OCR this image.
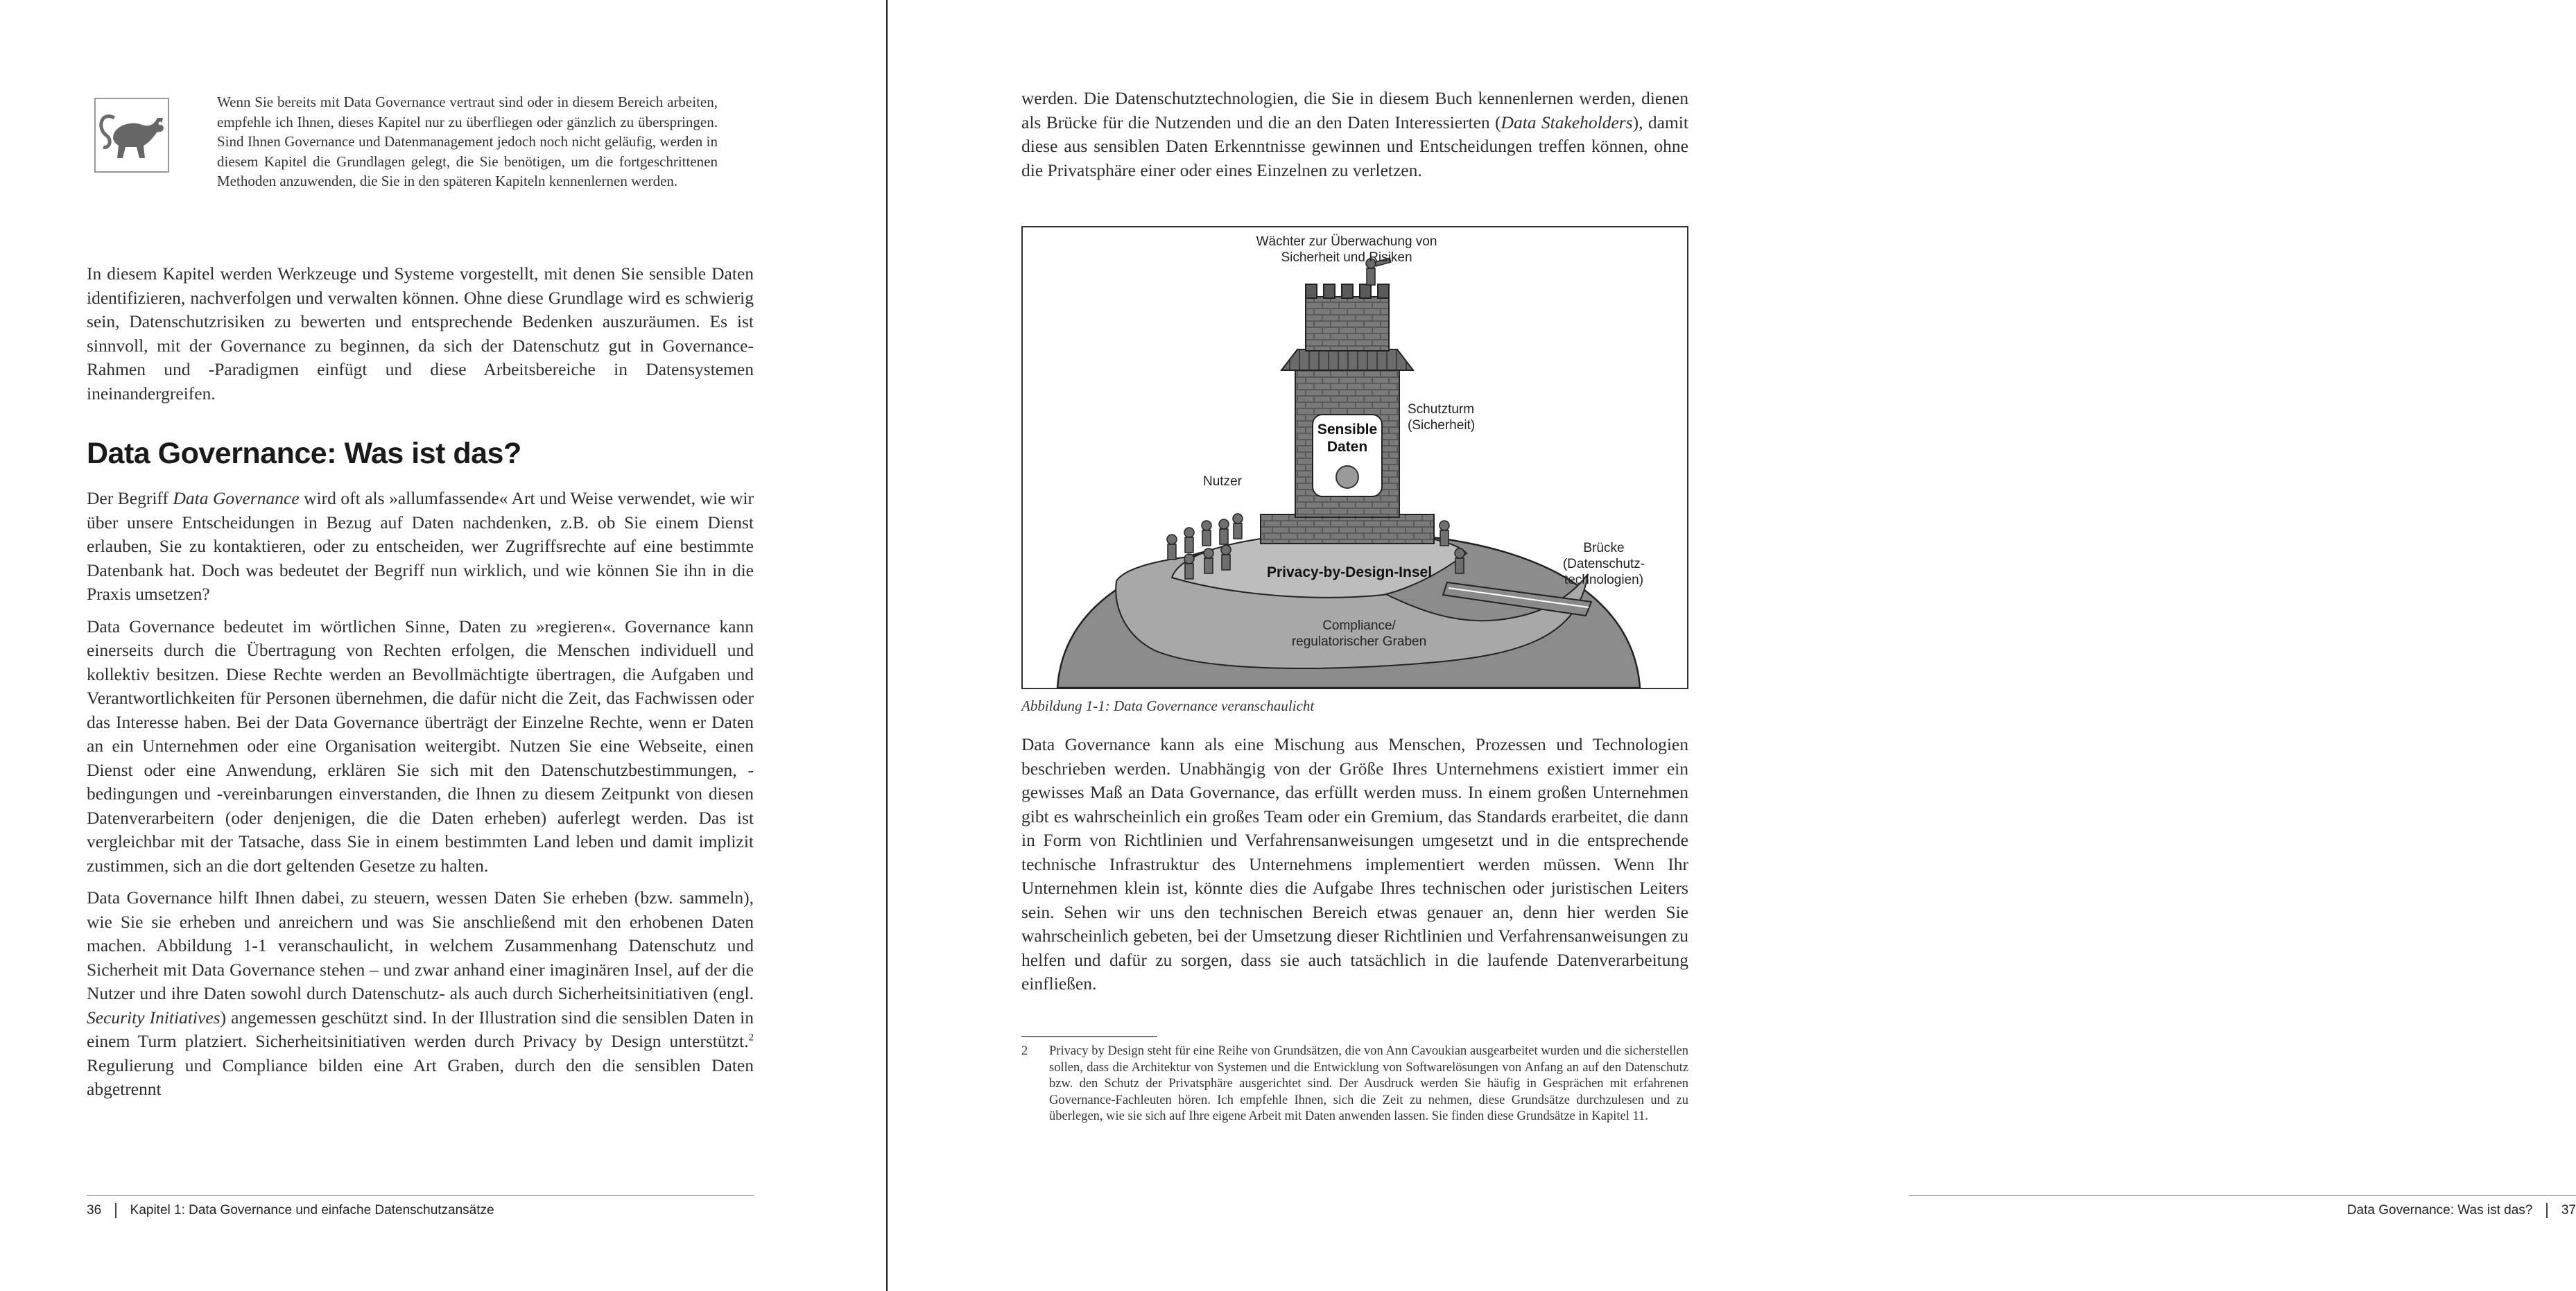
Wenn Sie bereits mit Data Governance vertraut sind oder in diesem Bereich arbeiten, empfehle ich Ihnen, dieses Kapitel nur zu überfliegen oder gänzlich zu überspringen. Sind Ihnen Governance und Datenmanagement jedoch noch nicht geläufig, werden in diesem Kapitel die Grundlagen gelegt, die Sie benötigen, um die fortgeschrittenen Methoden anzuwenden, die Sie in den späteren Kapiteln kennenlernen werden.

In diesem Kapitel werden Werkzeuge und Systeme vorgestellt, mit denen Sie sensible Daten identifizieren, nachverfolgen und verwalten können. Ohne diese Grundlage wird es schwierig sein, Datenschutzrisiken zu bewerten und entsprechende Bedenken auszuräumen. Es ist sinnvoll, mit der Governance zu beginnen, da sich der Datenschutz gut in Governance-Rahmen und -Paradigmen einfügt und diese Arbeitsbereiche in Datensystemen ineinandergreifen.

Data Governance: Was ist das?

Der Begriff Data Governance wird oft als »allumfassende« Art und Weise verwendet, wie wir über unsere Entscheidungen in Bezug auf Daten nachdenken, z.B. ob Sie einem Dienst erlauben, Sie zu kontaktieren, oder zu entscheiden, wer Zugriffsrechte auf eine bestimmte Datenbank hat. Doch was bedeutet der Begriff nun wirklich, und wie können Sie ihn in die Praxis umsetzen?

Data Governance bedeutet im wörtlichen Sinne, Daten zu »regieren«. Governance kann einerseits durch die Übertragung von Rechten erfolgen, die Menschen individuell und kollektiv besitzen. Diese Rechte werden an Bevollmächtigte übertragen, die Aufgaben und Verantwortlichkeiten für Personen übernehmen, die dafür nicht die Zeit, das Fachwissen oder das Interesse haben. Bei der Data Governance überträgt der Einzelne Rechte, wenn er Daten an ein Unternehmen oder eine Organisation weitergibt. Nutzen Sie eine Webseite, einen Dienst oder eine Anwendung, erklären Sie sich mit den Datenschutzbestimmungen, -bedingungen und -vereinbarungen einverstanden, die Ihnen zu diesem Zeitpunkt von diesen Datenverarbeitern (oder denjenigen, die die Daten erheben) auferlegt werden. Das ist vergleichbar mit der Tatsache, dass Sie in einem bestimmten Land leben und damit implizit zustimmen, sich an die dort geltenden Gesetze zu halten.

Data Governance hilft Ihnen dabei, zu steuern, wessen Daten Sie erheben (bzw. sammeln), wie Sie sie erheben und anreichern und was Sie anschließend mit den erhobenen Daten machen. Abbildung 1-1 veranschaulicht, in welchem Zusammenhang Datenschutz und Sicherheit mit Data Governance stehen – und zwar anhand einer imaginären Insel, auf der die Nutzer und ihre Daten sowohl durch Datenschutz- als auch durch Sicherheitsinitiativen (engl. Security Initiatives) angemessen geschützt sind. In der Illustration sind die sensiblen Daten in einem Turm platziert. Sicherheitsinitiativen werden durch Privacy by Design unterstützt.$^2$ Regulierung und Compliance bilden eine Art Graben, durch den die sensiblen Daten abgetrennt

36 Kapitel 1: Data Governance und einfache Datenschutzansätze

werden. Die Datenschutztechnologien, die Sie in diesem Buch kennenlernen werden, dienen als Brücke für die Nutzenden und die an den Daten Interessierten (Data Stakeholders), damit diese aus sensiblen Daten Erkenntnisse gewinnen und Entscheidungen treffen können, ohne die Privatsphäre einer oder eines Einzelnen zu verletzen.

Wächter zur Überwachung von
Sicherheit und Risiken
Schutzturm
(Sicherheit)
Sensible
Daten
Nutzer
Privacy-by-Design-Insel
Brücke
(Datenschutz-
technologien)
Compliance/
regulatorischer Graben
Abbildung 1-1: Data Governance veranschaulicht

Data Governance kann als eine Mischung aus Menschen, Prozessen und Technologien beschrieben werden. Unabhängig von der Größe Ihres Unternehmens existiert immer ein gewisses Maß an Data Governance, das erfüllt werden muss. In einem großen Unternehmen gibt es wahrscheinlich ein großes Team oder ein Gremium, das Standards erarbeitet, die dann in Form von Richtlinien und Verfahrensanweisungen umgesetzt und in die entsprechende technische Infrastruktur des Unternehmens implementiert werden müssen. Wenn Ihr Unternehmen klein ist, könnte dies die Aufgabe Ihres technischen oder juristischen Leiters sein. Sehen wir uns den technischen Bereich etwas genauer an, denn hier werden Sie wahrscheinlich gebeten, bei der Umsetzung dieser Richtlinien und Verfahrensanweisungen zu helfen und dafür zu sorgen, dass sie auch tatsächlich in die laufende Datenverarbeitung einfließen.

2 Privacy by Design steht für eine Reihe von Grundsätzen, die von Ann Cavoukian ausgearbeitet wurden und die sicherstellen sollen, dass die Architektur von Systemen und die Entwicklung von Softwarelösungen von Anfang an auf den Datenschutz bzw. den Schutz der Privatsphäre ausgerichtet sind. Der Ausdruck werden Sie häufig in Gesprächen mit erfahrenen Governance-Fachleuten hören. Ich empfehle Ihnen, sich die Zeit zu nehmen, diese Grundsätze durchzulesen und zu überlegen, wie sie sich auf Ihre eigene Arbeit mit Daten anwenden lassen. Sie finden diese Grundsätze in Kapitel 11.
Data Governance: Was ist das? 37
